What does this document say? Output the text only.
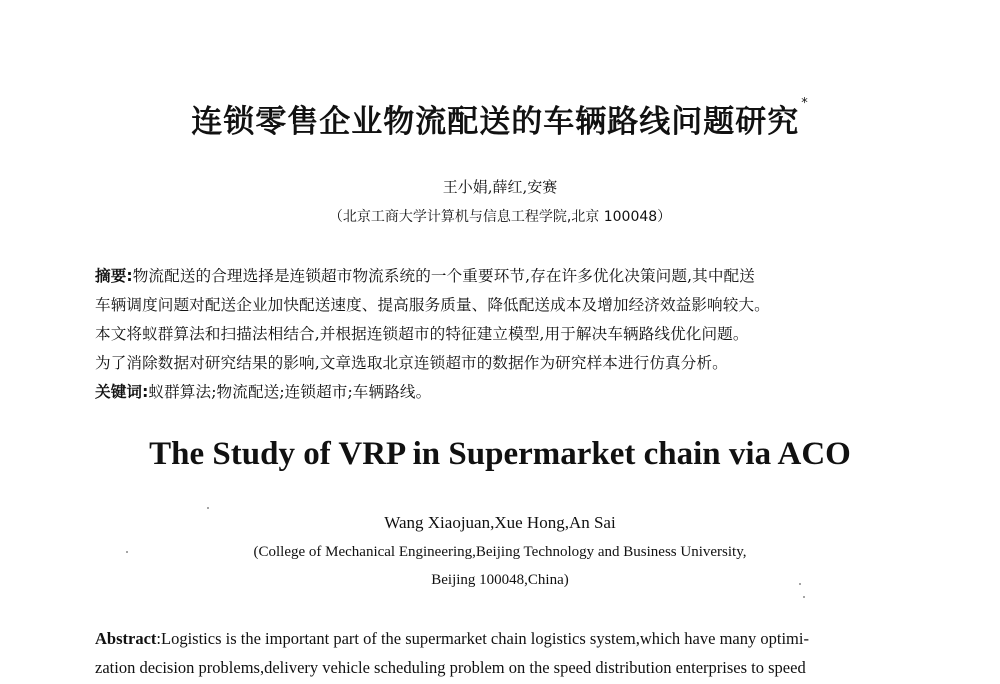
连锁零售企业物流配送的车辆路线问题研究*
王小娟,薛红,安赛
（北京工商大学计算机与信息工程学院,北京 100048）
摘要:物流配送的合理选择是连锁超市物流系统的一个重要环节,存在许多优化决策问题,其中配送
车辆调度问题对配送企业加快配送速度、提高服务质量、降低配送成本及增加经济效益影响较大。
本文将蚁群算法和扫描法相结合,并根据连锁超市的特征建立模型,用于解决车辆路线优化问题。
为了消除数据对研究结果的影响,文章选取北京连锁超市的数据作为研究样本进行仿真分析。
关键词:蚁群算法;物流配送;连锁超市;车辆路线。
The Study of VRP in Supermarket chain via ACO
Wang Xiaojuan,Xue Hong,An Sai
(College of Mechanical Engineering,Beijing Technology and Business University,
Beijing 100048,China)
Abstract:Logistics is the important part of the supermarket chain logistics system,which have many optimi-
zation decision problems,delivery vehicle scheduling problem on the speed distribution enterprises to speed
